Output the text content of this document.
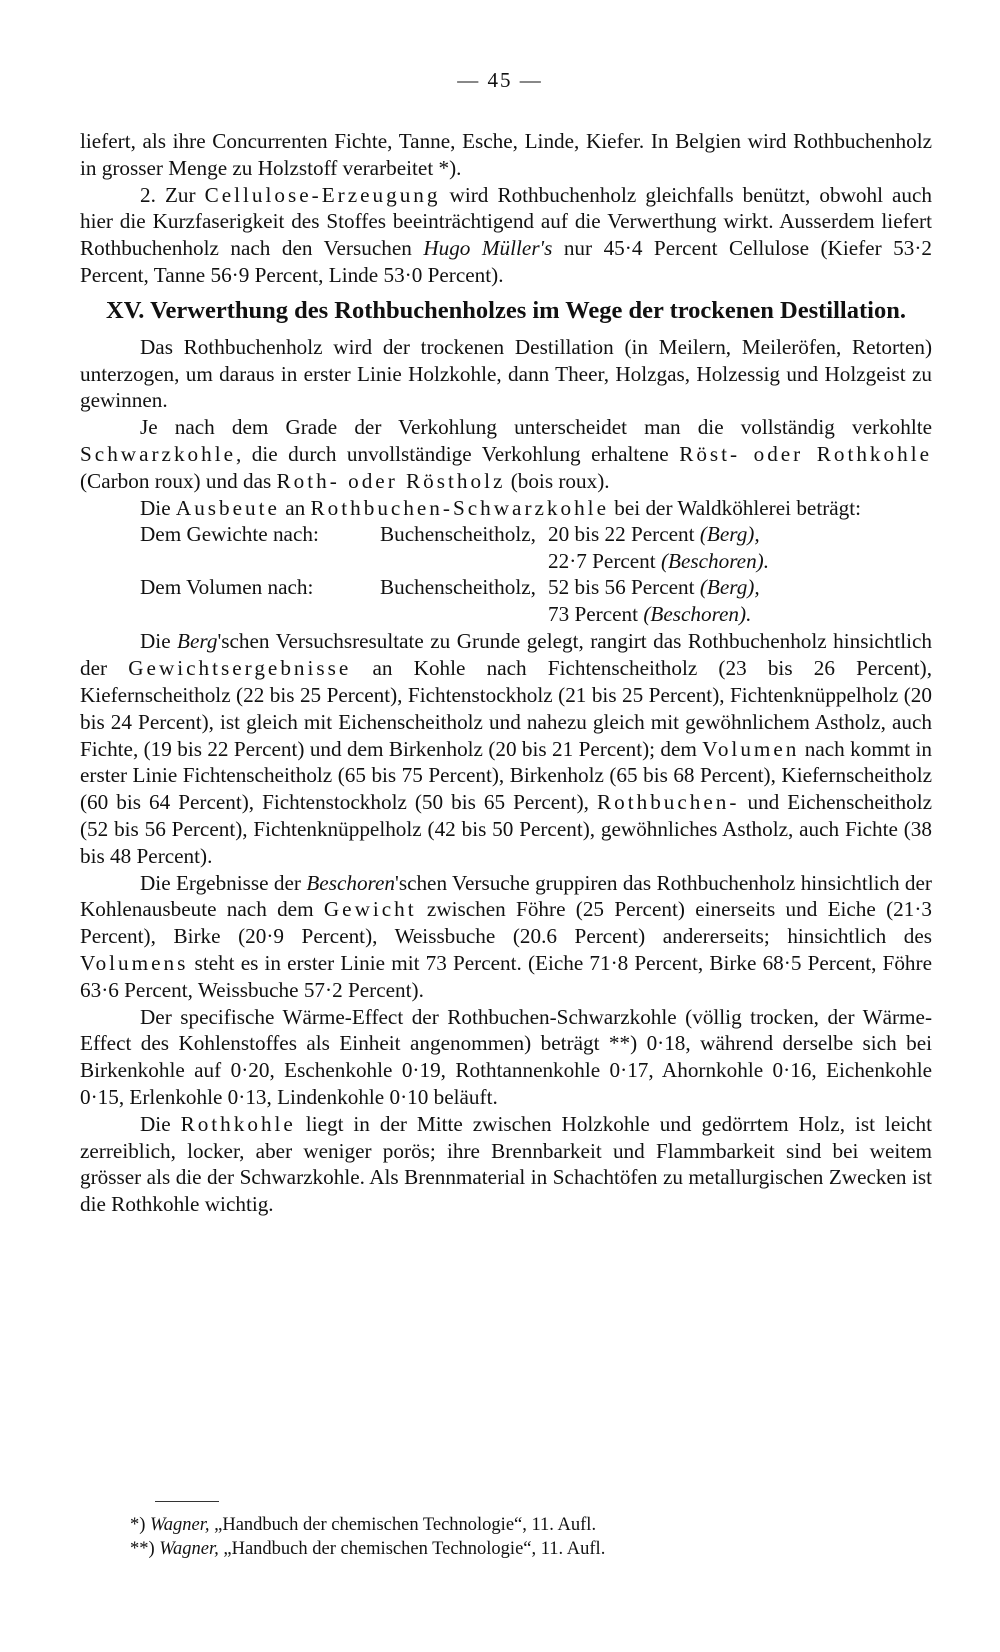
— 45 —

liefert, als ihre Concurrenten Fichte, Tanne, Esche, Linde, Kiefer. In Belgien wird Rothbuchenholz in grosser Menge zu Holzstoff verarbeitet *).

2. Zur Cellulose-Erzeugung wird Rothbuchenholz gleichfalls benützt, obwohl auch hier die Kurzfaserigkeit des Stoffes beeinträchtigend auf die Verwerthung wirkt. Ausserdem liefert Rothbuchenholz nach den Versuchen Hugo Müller's nur 45·4 Percent Cellulose (Kiefer 53·2 Percent, Tanne 56·9 Percent, Linde 53·0 Percent).

XV. Verwerthung des Rothbuchenholzes im Wege der trockenen Destillation.

Das Rothbuchenholz wird der trockenen Destillation (in Meilern, Meileröfen, Retorten) unterzogen, um daraus in erster Linie Holzkohle, dann Theer, Holzgas, Holzessig und Holzgeist zu gewinnen.

Je nach dem Grade der Verkohlung unterscheidet man die vollständig verkohlte Schwarzkohle, die durch unvollständige Verkohlung erhaltene Röst- oder Rothkohle (Carbon roux) und das Roth- oder Röstholz (bois roux).

Die Ausbeute an Rothbuchen-Schwarzkohle bei der Waldköhlerei beträgt:

Dem Gewichte nach:	Buchenscheitholz, 20 bis 22 Percent (Berg),
22·7 Percent (Beschoren).
Dem Volumen nach:	Buchenscheitholz, 52 bis 56 Percent (Berg),
73 Percent (Beschoren).

Die Berg'schen Versuchsresultate zu Grunde gelegt, rangirt das Rothbuchenholz hinsichtlich der Gewichtsergebnisse an Kohle nach Fichtenscheitholz (23 bis 26 Percent), Kiefernscheitholz (22 bis 25 Percent), Fichtenstockholz (21 bis 25 Percent), Fichtenknüppelholz (20 bis 24 Percent), ist gleich mit Eichenscheitholz und nahezu gleich mit gewöhnlichem Astholz, auch Fichte, (19 bis 22 Percent) und dem Birkenholz (20 bis 21 Percent); dem Volumen nach kommt in erster Linie Fichtenscheitholz (65 bis 75 Percent), Birkenholz (65 bis 68 Percent), Kiefernscheitholz (60 bis 64 Percent), Fichtenstockholz (50 bis 65 Percent), Rothbuchen- und Eichenscheitholz (52 bis 56 Percent), Fichtenknüppelholz (42 bis 50 Percent), gewöhnliches Astholz, auch Fichte (38 bis 48 Percent).

Die Ergebnisse der Beschoren'schen Versuche gruppiren das Rothbuchenholz hinsichtlich der Kohlenausbeute nach dem Gewicht zwischen Föhre (25 Percent) einerseits und Eiche (21·3 Percent), Birke (20·9 Percent), Weissbuche (20.6 Percent) andererseits; hinsichtlich des Volumens steht es in erster Linie mit 73 Percent. (Eiche 71·8 Percent, Birke 68·5 Percent, Föhre 63·6 Percent, Weissbuche 57·2 Percent).

Der specifische Wärme-Effect der Rothbuchen-Schwarzkohle (völlig trocken, der Wärme-Effect des Kohlenstoffes als Einheit angenommen) beträgt **) 0·18, während derselbe sich bei Birkenkohle auf 0·20, Eschenkohle 0·19, Rothtannenkohle 0·17, Ahornkohle 0·16, Eichenkohle 0·15, Erlenkohle 0·13, Lindenkohle 0·10 beläuft.

Die Rothkohle liegt in der Mitte zwischen Holzkohle und gedörrtem Holz, ist leicht zerreiblich, locker, aber weniger porös; ihre Brennbarkeit und Flammbarkeit sind bei weitem grösser als die der Schwarzkohle. Als Brennmaterial in Schachtöfen zu metallurgischen Zwecken ist die Rothkohle wichtig.

*) Wagner, „Handbuch der chemischen Technologie“, 11. Aufl.
**) Wagner, „Handbuch der chemischen Technologie“, 11. Aufl.
